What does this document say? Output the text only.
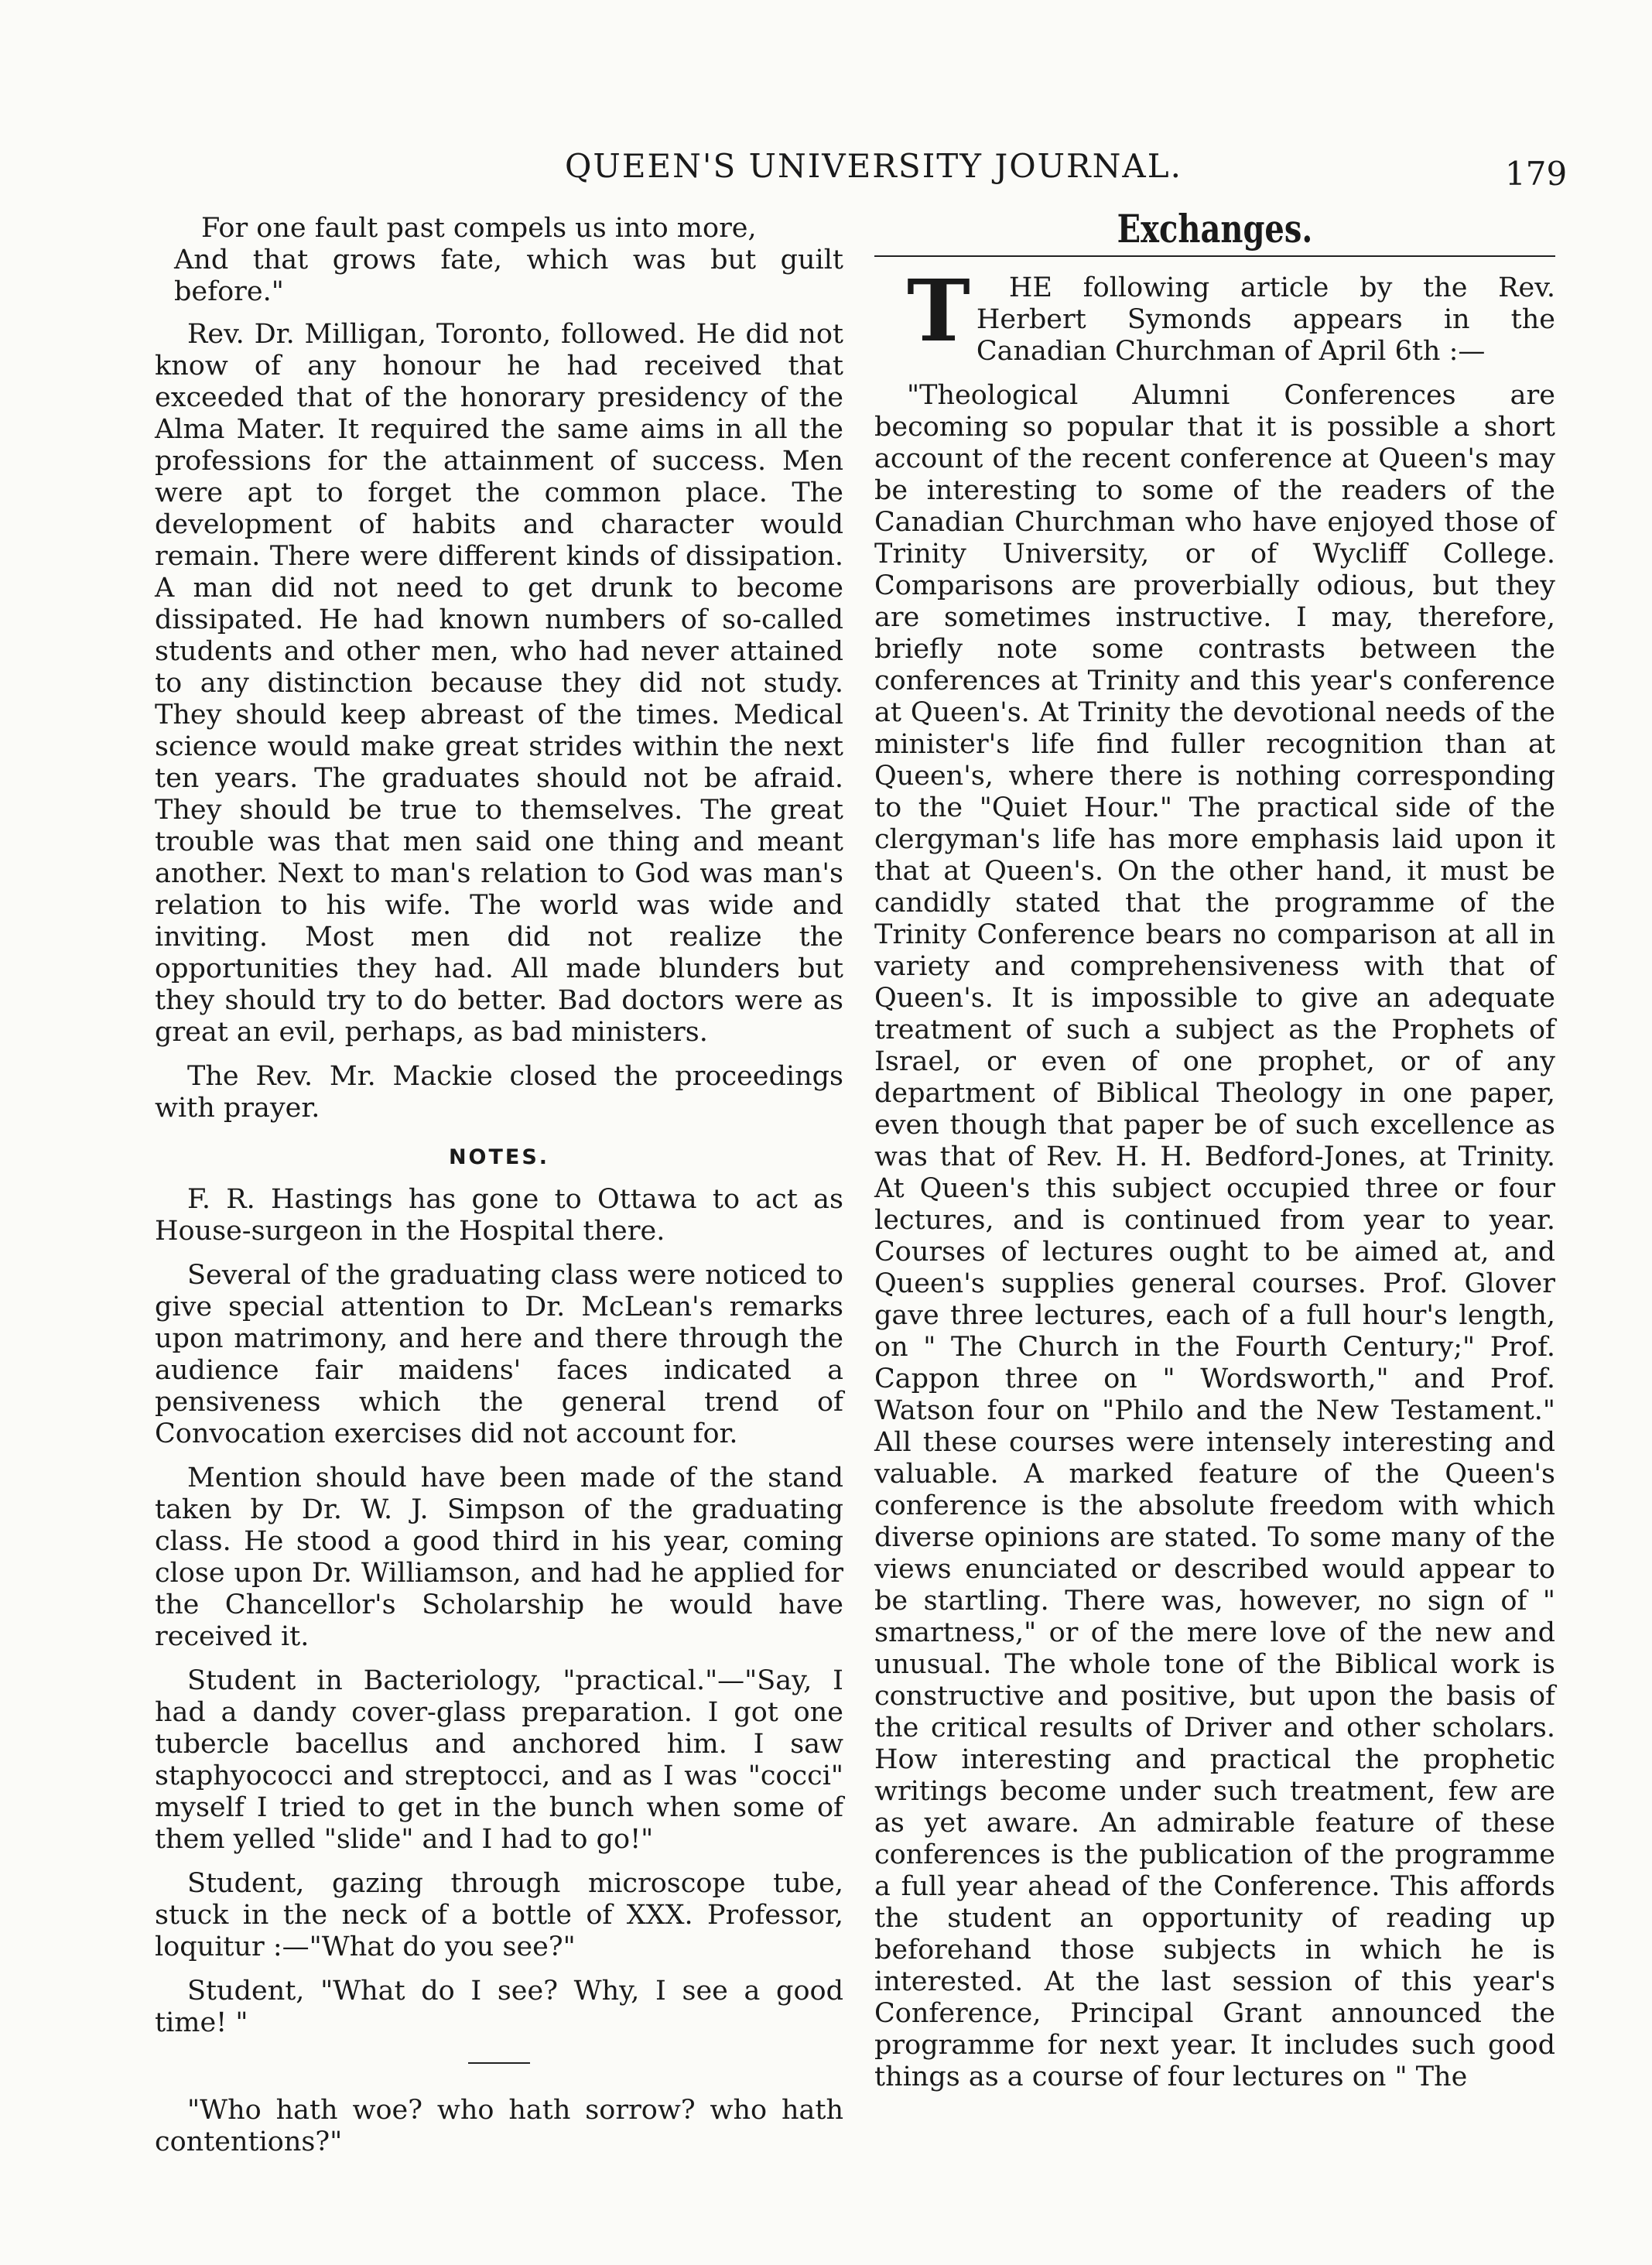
QUEEN'S UNIVERSITY JOURNAL.	179
For one fault past compels us into more,
And that grows fate, which was but guilt before."

Rev. Dr. Milligan, Toronto, followed. He did not know of any honour he had received that exceeded that of the honorary presidency of the Alma Mater. It required the same aims in all the professions for the attainment of success. Men were apt to forget the common place. The development of habits and character would remain. There were different kinds of dissipation. A man did not need to get drunk to become dissipated. He had known numbers of so-called students and other men, who had never attained to any distinction because they did not study. They should keep abreast of the times. Medical science would make great strides within the next ten years. The graduates should not be afraid. They should be true to themselves. The great trouble was that men said one thing and meant another. Next to man's relation to God was man's relation to his wife. The world was wide and inviting. Most men did not realize the opportunities they had. All made blunders but they should try to do better. Bad doctors were as great an evil, perhaps, as bad ministers.

The Rev. Mr. Mackie closed the proceedings with prayer.

NOTES.

F. R. Hastings has gone to Ottawa to act as House-surgeon in the Hospital there.

Several of the graduating class were noticed to give special attention to Dr. McLean's remarks upon matrimony, and here and there through the audience fair maidens' faces indicated a pensiveness which the general trend of Convocation exercises did not account for.

Mention should have been made of the stand taken by Dr. W. J. Simpson of the graduating class. He stood a good third in his year, coming close upon Dr. Williamson, and had he applied for the Chancellor's Scholarship he would have received it.

Student in Bacteriology, "practical."—"Say, I had a dandy cover-glass preparation. I got one tubercle bacellus and anchored him. I saw staphyococci and streptocci, and as I was "cocci" myself I tried to get in the bunch when some of them yelled "slide" and I had to go!"

Student, gazing through microscope tube, stuck in the neck of a bottle of XXX. Professor, loquitur :—"What do you see?"

Student, "What do I see? Why, I see a good time! "

"Who hath woe? who hath sorrow? who hath contentions?"

Exchanges.

T HE following article by the Rev. Herbert Symonds appears in the Canadian Churchman of April 6th :—

"Theological Alumni Conferences are becoming so popular that it is possible a short account of the recent conference at Queen's may be interesting to some of the readers of the Canadian Churchman who have enjoyed those of Trinity University, or of Wycliff College. Comparisons are proverbially odious, but they are sometimes instructive. I may, therefore, briefly note some contrasts between the conferences at Trinity and this year's conference at Queen's. At Trinity the devotional needs of the minister's life find fuller recognition than at Queen's, where there is nothing corresponding to the "Quiet Hour." The practical side of the clergyman's life has more emphasis laid upon it that at Queen's. On the other hand, it must be candidly stated that the programme of the Trinity Conference bears no comparison at all in variety and comprehensiveness with that of Queen's. It is impossible to give an adequate treatment of such a subject as the Prophets of Israel, or even of one prophet, or of any department of Biblical Theology in one paper, even though that paper be of such excellence as was that of Rev. H. H. Bedford-Jones, at Trinity. At Queen's this subject occupied three or four lectures, and is continued from year to year. Courses of lectures ought to be aimed at, and Queen's supplies general courses. Prof. Glover gave three lectures, each of a full hour's length, on " The Church in the Fourth Century;" Prof. Cappon three on " Wordsworth," and Prof. Watson four on "Philo and the New Testament." All these courses were intensely interesting and valuable. A marked feature of the Queen's conference is the absolute freedom with which diverse opinions are stated. To some many of the views enunciated or described would appear to be startling. There was, however, no sign of " smartness," or of the mere love of the new and unusual. The whole tone of the Biblical work is constructive and positive, but upon the basis of the critical results of Driver and other scholars. How interesting and practical the prophetic writings become under such treatment, few are as yet aware. An admirable feature of these conferences is the publication of the programme a full year ahead of the Conference. This affords the student an opportunity of reading up beforehand those subjects in which he is interested. At the last session of this year's Conference, Principal Grant announced the programme for next year. It includes such good things as a course of four lectures on " The
